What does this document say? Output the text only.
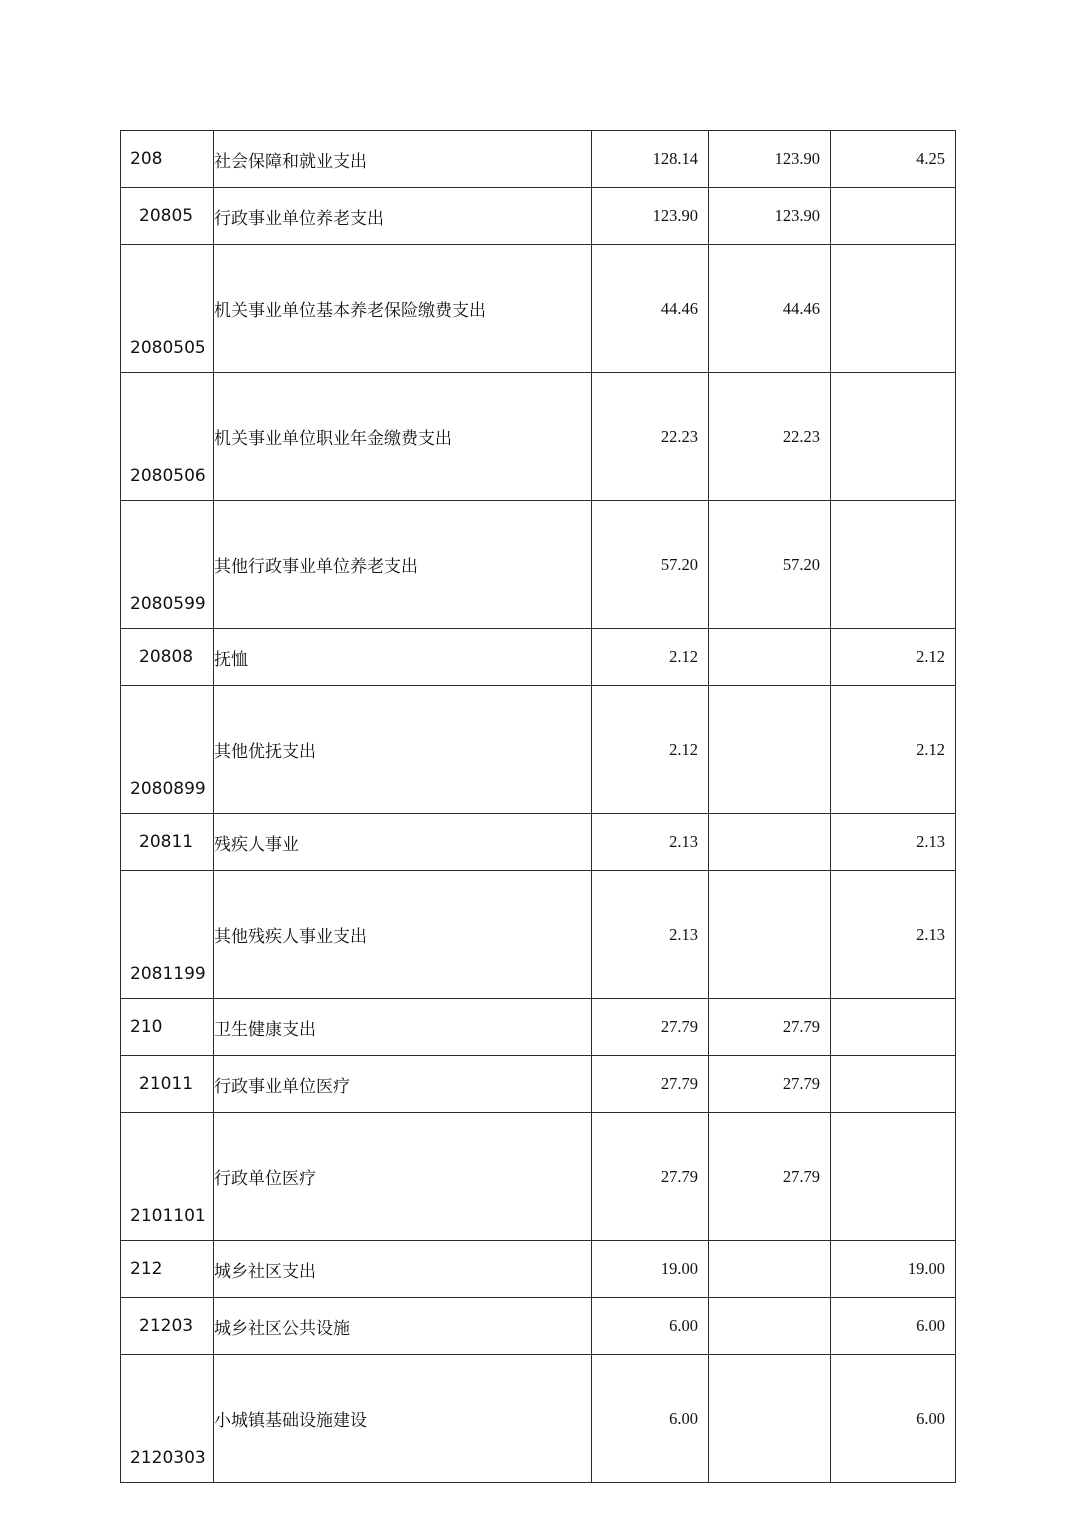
208	社会保障和就业支出	128.14	123.90	4.25
20805	行政事业单位养老支出	123.90	123.90	
2080505	机关事业单位基本养老保险缴费支出	44.46	44.46	
2080506	机关事业单位职业年金缴费支出	22.23	22.23	
2080599	其他行政事业单位养老支出	57.20	57.20	
20808	抚恤	2.12		2.12
2080899	其他优抚支出	2.12		2.12
20811	残疾人事业	2.13		2.13
2081199	其他残疾人事业支出	2.13		2.13
210	卫生健康支出	27.79	27.79	
21011	行政事业单位医疗	27.79	27.79	
2101101	行政单位医疗	27.79	27.79	
212	城乡社区支出	19.00		19.00
21203	城乡社区公共设施	6.00		6.00
2120303	小城镇基础设施建设	6.00		6.00
